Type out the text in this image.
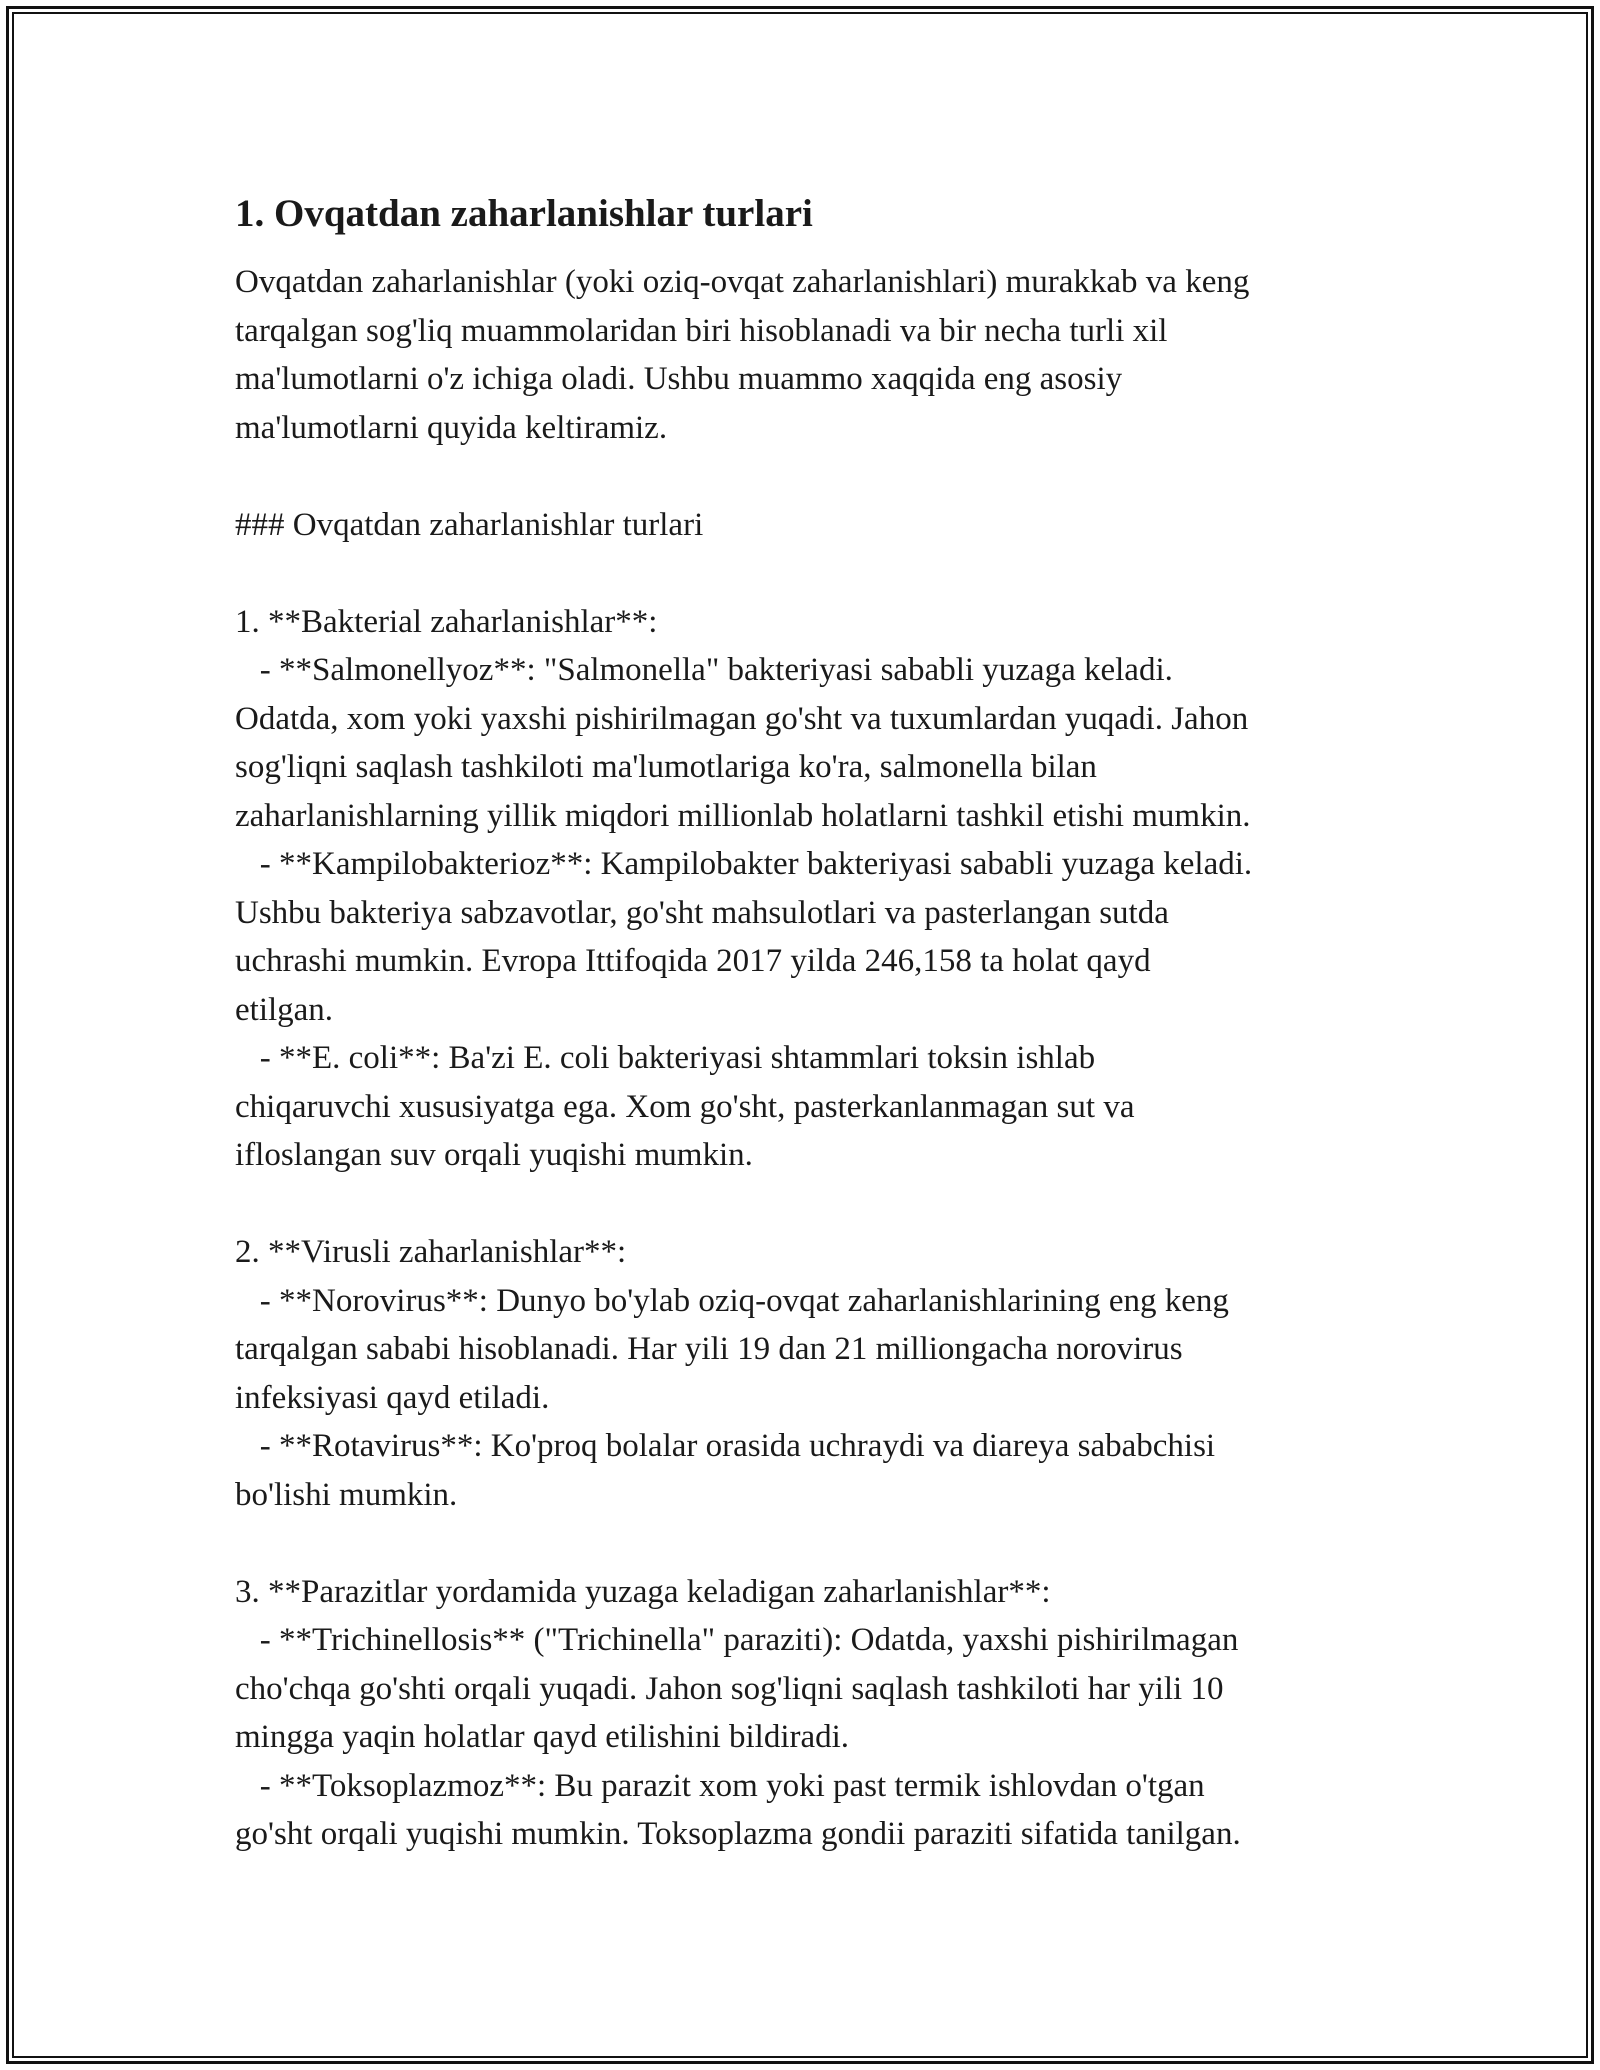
1. Ovqatdan zaharlanishlar turlari

Ovqatdan zaharlanishlar (yoki oziq-ovqat zaharlanishlari) murakkab va keng
tarqalgan sog'liq muammolaridan biri hisoblanadi va bir necha turli xil
ma'lumotlarni o'z ichiga oladi. Ushbu muammo xaqqida eng asosiy
ma'lumotlarni quyida keltiramiz.

### Ovqatdan zaharlanishlar turlari

1. **Bakterial zaharlanishlar**:
- **Salmonellyoz**: "Salmonella" bakteriyasi sababli yuzaga keladi.
Odatda, xom yoki yaxshi pishirilmagan go'sht va tuxumlardan yuqadi. Jahon
sog'liqni saqlash tashkiloti ma'lumotlariga ko'ra, salmonella bilan
zaharlanishlarning yillik miqdori millionlab holatlarni tashkil etishi mumkin.
- **Kampilobakterioz**: Kampilobakter bakteriyasi sababli yuzaga keladi.
Ushbu bakteriya sabzavotlar, go'sht mahsulotlari va pasterlangan sutda
uchrashi mumkin. Evropa Ittifoqida 2017 yilda 246,158 ta holat qayd
etilgan.
- **E. coli**: Ba'zi E. coli bakteriyasi shtammlari toksin ishlab
chiqaruvchi xususiyatga ega. Xom go'sht, pasterkanlanmagan sut va
ifloslangan suv orqali yuqishi mumkin.

2. **Virusli zaharlanishlar**:
- **Norovirus**: Dunyo bo'ylab oziq-ovqat zaharlanishlarining eng keng
tarqalgan sababi hisoblanadi. Har yili 19 dan 21 milliongacha norovirus
infeksiyasi qayd etiladi.
- **Rotavirus**: Ko'proq bolalar orasida uchraydi va diareya sababchisi
bo'lishi mumkin.

3. **Parazitlar yordamida yuzaga keladigan zaharlanishlar**:
- **Trichinellosis** ("Trichinella" paraziti): Odatda, yaxshi pishirilmagan
cho'chqa go'shti orqali yuqadi. Jahon sog'liqni saqlash tashkiloti har yili 10
mingga yaqin holatlar qayd etilishini bildiradi.
- **Toksoplazmoz**: Bu parazit xom yoki past termik ishlovdan o'tgan
go'sht orqali yuqishi mumkin. Toksoplazma gondii paraziti sifatida tanilgan.
